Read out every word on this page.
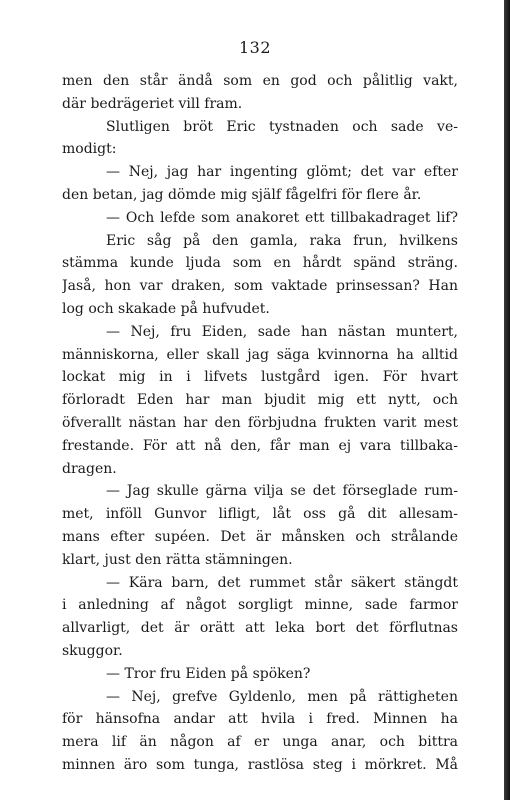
132
men den står ändå som en god och pålitlig vakt,
där bedrägeriet vill fram.
Slutligen bröt Eric tystnaden och sade ve-
modigt:
— Nej, jag har ingenting glömt; det var efter
den betan, jag dömde mig själf fågelfri för flere år.
— Och lefde som anakoret ett tillbakadraget lif?
Eric såg på den gamla, raka frun, hvilkens
stämma kunde ljuda som en hårdt spänd sträng.
Jaså, hon var draken, som vaktade prinsessan? Han
log och skakade på hufvudet.
— Nej, fru Eiden, sade han nästan muntert,
människorna, eller skall jag säga kvinnorna ha alltid
lockat mig in i lifvets lustgård igen. För hvart
förloradt Eden har man bjudit mig ett nytt, och
öfverallt nästan har den förbjudna frukten varit mest
frestande. För att nå den, får man ej vara tillbaka-
dragen.
— Jag skulle gärna vilja se det förseglade rum-
met, inföll Gunvor lifligt, låt oss gå dit allesam-
mans efter supéen. Det är månsken och strålande
klart, just den rätta stämningen.
— Kära barn, det rummet står säkert stängdt
i anledning af något sorgligt minne, sade farmor
allvarligt, det är orätt att leka bort det förflutnas
skuggor.
— Tror fru Eiden på spöken?
— Nej, grefve Gyldenlo, men på rättigheten
för hänsofna andar att hvila i fred. Minnen ha
mera lif än någon af er unga anar, och bittra
minnen äro som tunga, rastlösa steg i mörkret. Må
